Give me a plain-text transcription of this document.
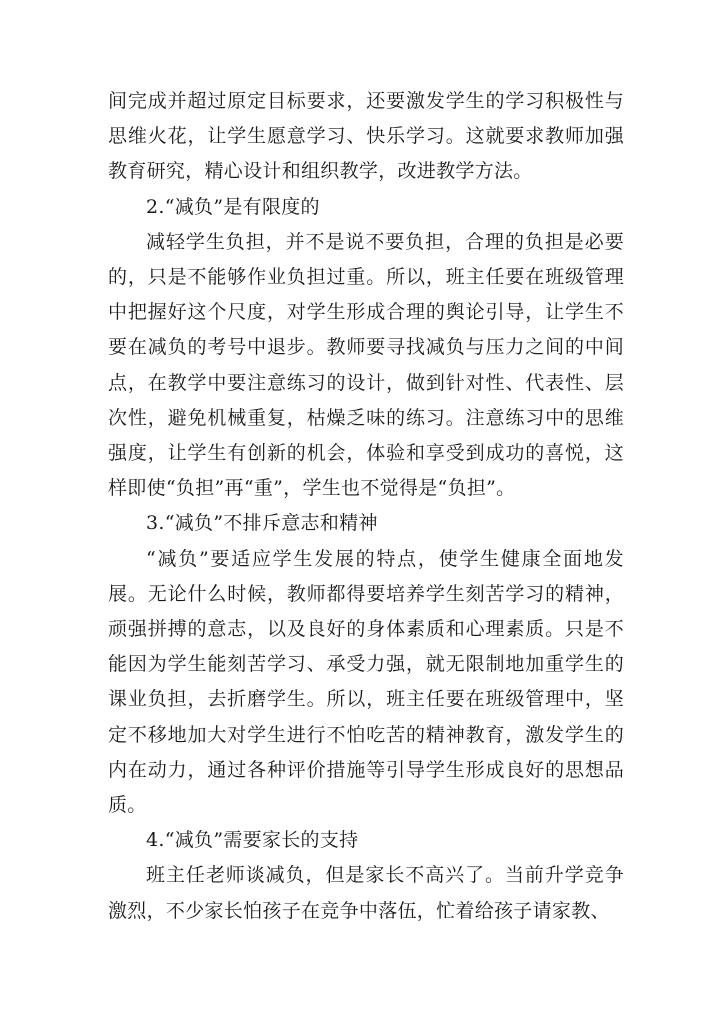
间完成并超过原定目标要求，还要激发学生的学习积极性与思维火花，让学生愿意学习、快乐学习。这就要求教师加强教育研究，精心设计和组织教学，改进教学方法。

2.“减负”是有限度的

减轻学生负担，并不是说不要负担，合理的负担是必要的，只是不能够作业负担过重。所以，班主任要在班级管理中把握好这个尺度，对学生形成合理的舆论引导，让学生不要在减负的考号中退步。教师要寻找减负与压力之间的中间点，在教学中要注意练习的设计，做到针对性、代表性、层次性，避免机械重复，枯燥乏味的练习。注意练习中的思维强度，让学生有创新的机会，体验和享受到成功的喜悦，这样即使“负担”再“重”，学生也不觉得是“负担”。

3.“减负”不排斥意志和精神

“减负”要适应学生发展的特点，使学生健康全面地发展。无论什么时候，教师都得要培养学生刻苦学习的精神，顽强拼搏的意志，以及良好的身体素质和心理素质。只是不能因为学生能刻苦学习、承受力强，就无限制地加重学生的课业负担，去折磨学生。所以，班主任要在班级管理中，坚定不移地加大对学生进行不怕吃苦的精神教育，激发学生的内在动力，通过各种评价措施等引导学生形成良好的思想品质。

4.“减负”需要家长的支持

班主任老师谈减负，但是家长不高兴了。当前升学竞争激烈，不少家长怕孩子在竞争中落伍，忙着给孩子请家教、
